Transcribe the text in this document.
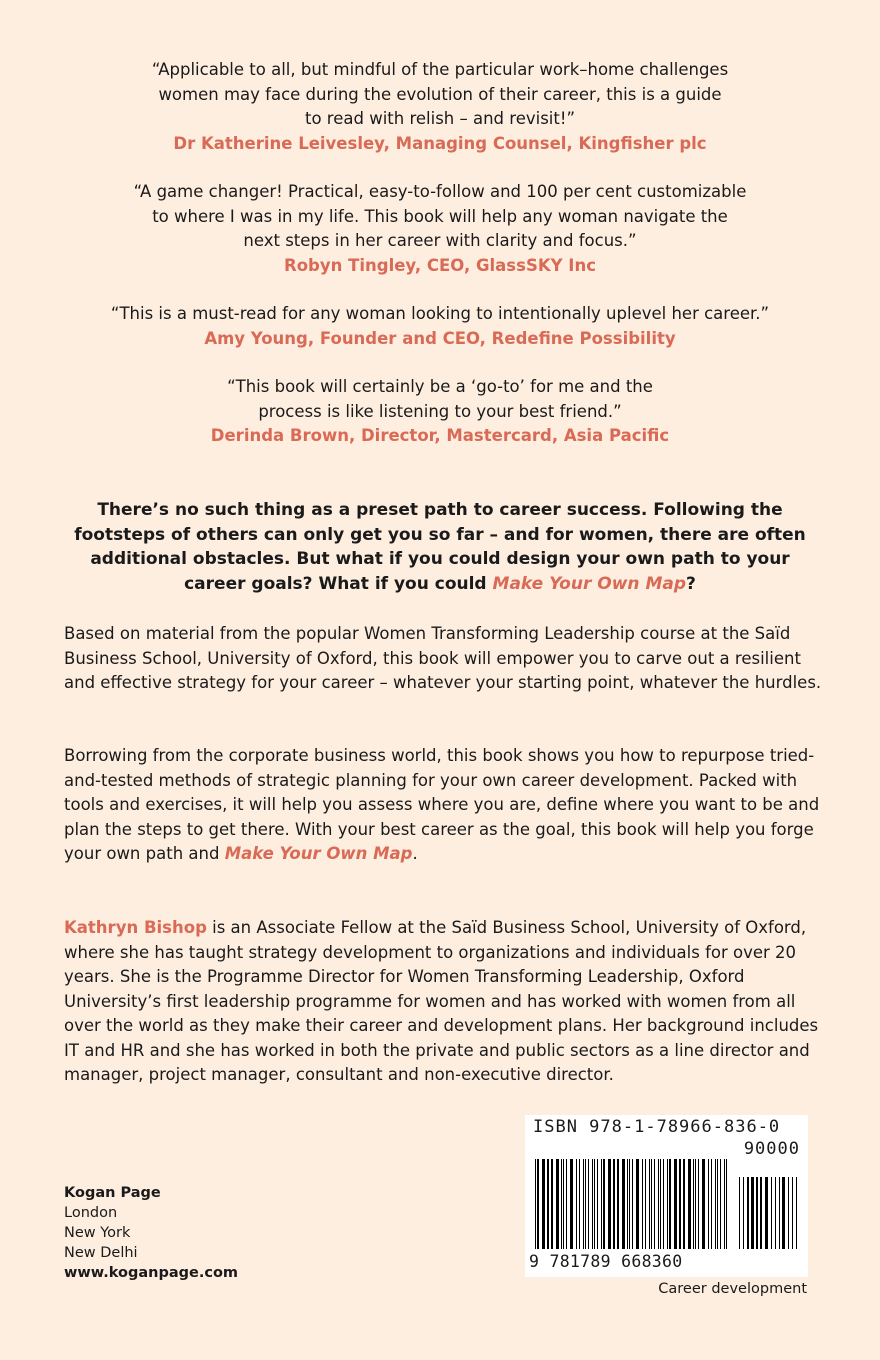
“Applicable to all, but mindful of the particular work–home challenges
women may face during the evolution of their career, this is a guide
to read with relish – and revisit!”
Dr Katherine Leivesley, Managing Counsel, Kingfisher plc
“A game changer! Practical, easy-to-follow and 100 per cent customizable
to where I was in my life. This book will help any woman navigate the
next steps in her career with clarity and focus.”
Robyn Tingley, CEO, GlassSKY Inc
“This is a must-read for any woman looking to intentionally uplevel her career.”
Amy Young, Founder and CEO, Redefine Possibility
“This book will certainly be a ‘go-to’ for me and the
process is like listening to your best friend.”
Derinda Brown, Director, Mastercard, Asia Pacific
There’s no such thing as a preset path to career success. Following the footsteps of others can only get you so far – and for women, there are often additional obstacles. But what if you could design your own path to your career goals? What if you could Make Your Own Map?
Based on material from the popular Women Transforming Leadership course at the Saïd Business School, University of Oxford, this book will empower you to carve out a resilient and effective strategy for your career – whatever your starting point, whatever the hurdles.
Borrowing from the corporate business world, this book shows you how to repurpose tried-and-tested methods of strategic planning for your own career development. Packed with tools and exercises, it will help you assess where you are, define where you want to be and plan the steps to get there. With your best career as the goal, this book will help you forge your own path and Make Your Own Map.
Kathryn Bishop is an Associate Fellow at the Saïd Business School, University of Oxford, where she has taught strategy development to organizations and individuals for over 20 years. She is the Programme Director for Women Transforming Leadership, Oxford University’s first leadership programme for women and has worked with women from all over the world as they make their career and development plans. Her background includes IT and HR and she has worked in both the private and public sectors as a line director and manager, project manager, consultant and non-executive director.
Kogan Page
London
New York
New Delhi
www.koganpage.com
ISBN 978-1-78966-836-0
90000
9 781789 668360
Career development
